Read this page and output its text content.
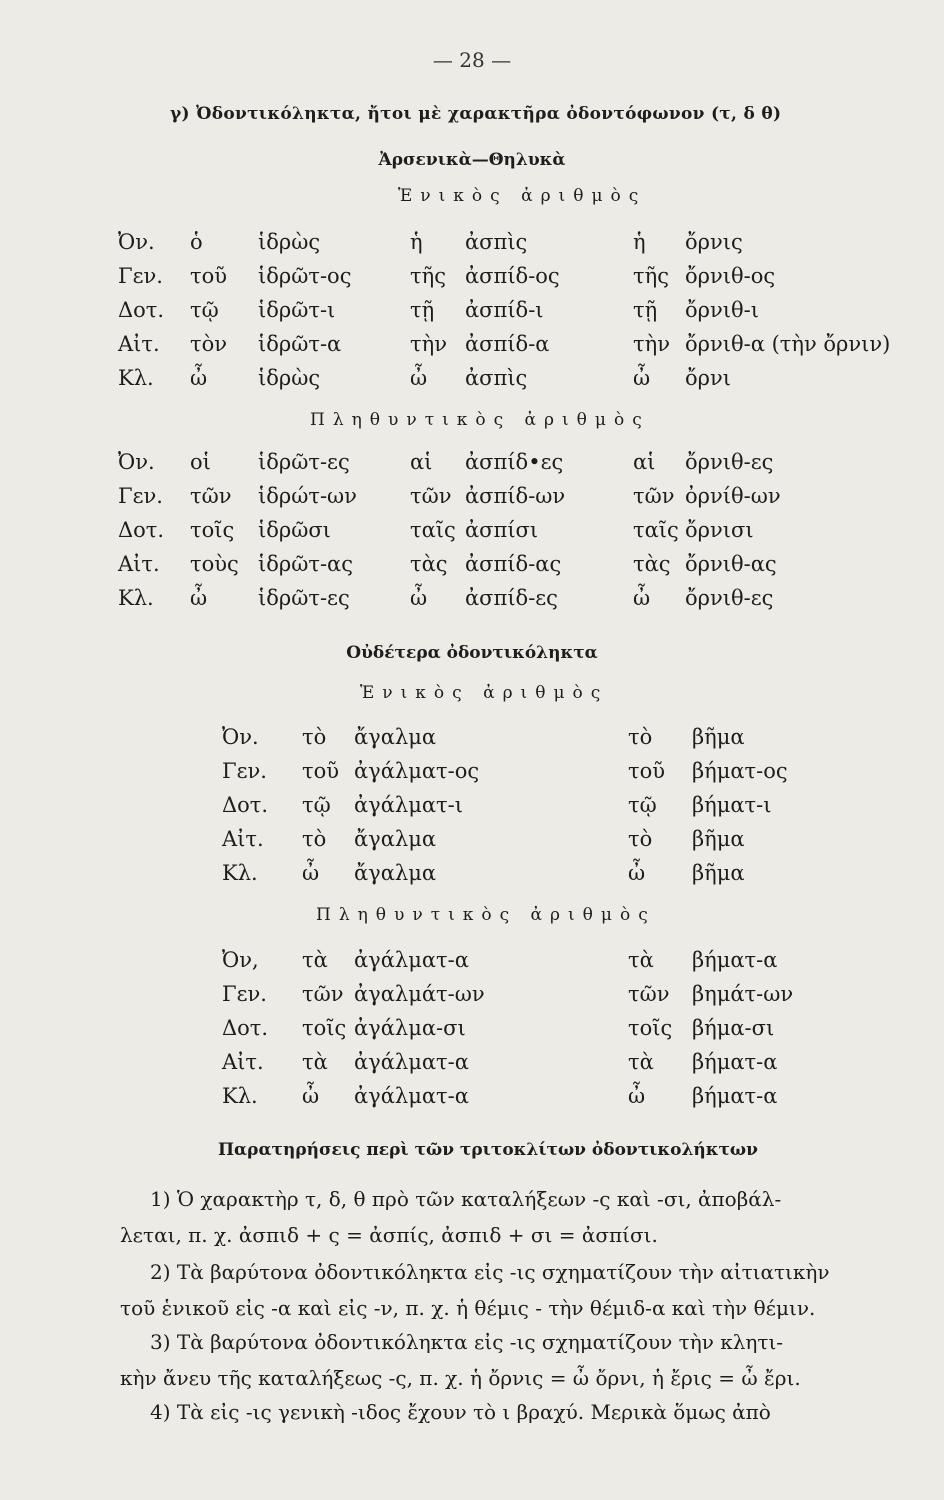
— 28 —
γ) Ὀδοντικόληκτα, ἤτοι μὲ χαρακτῆρα ὀδοντόφωνον (τ, δ θ)
Ἀρσενικὰ—Θηλυκὰ
Ἑνικὸς ἀριθμὸς
Ὀν. ὁ	ἱδρὼς	ἡ ἀσπὶς	ἡ ὄρνις
Γεν. τοῦ ἱδρῶτ-ος	τῆς ἀσπίδ-ος	τῆς ὄρνιθ-ος
Δοτ. τῷ ἱδρῶτ-ι	τῇ ἀσπίδ-ι	τῇ ὄρνιθ-ι
Αἰτ. τὸν ἱδρῶτ-α	τὴν ἀσπίδ-α	τὴν ὄρνιθ-α (τὴν ὄρνιν)
Κλ. ὦ ἱδρὼς	ὦ ἀσπὶς	ὦ ὄρνι
Πληθυντικὸς ἀριθμὸς
Ὀν. οἱ ἱδρῶτ-ες	αἱ ἀσπίδ•ες	αἱ ὄρνιθ-ες
Γεν. τῶν ἱδρώτ-ων	τῶν ἀσπίδ-ων	τῶν ὀρνίθ-ων
Δοτ. τοῖς ἱδρῶσι	ταῖς ἀσπίσι	ταῖς ὄρνισι
Αἰτ. τοὺς ἱδρῶτ-ας	τὰς ἀσπίδ-ας	τὰς ὄρνιθ-ας
Κλ. ὦ ἱδρῶτ-ες	ὦ ἀσπίδ-ες	ὦ ὄρνιθ-ες
Οὐδέτερα ὀδοντικόληκτα
Ἑνικὸς ἀριθμὸς
Ὀν. τὸ ἄγαλμα	τὸ βῆμα
Γεν. τοῦ ἀγάλματ-ος	τοῦ βήματ-ος
Δοτ. τῷ ἀγάλματ-ι	τῷ βήματ-ι
Αἰτ. τὸ ἄγαλμα	τὸ βῆμα
Κλ. ὦ ἄγαλμα	ὦ βῆμα
Πληθυντικὸς ἀριθμὸς
Ὀν, τὰ ἀγάλματ-α	τὰ βήματ-α
Γεν. τῶν ἀγαλμάτ-ων	τῶν βημάτ-ων
Δοτ. τοῖς ἀγάλμα-σι	τοῖς βήμα-σι
Αἰτ. τὰ ἀγάλματ-α	τὰ βήματ-α
Κλ. ὦ ἀγάλματ-α	ὦ βήματ-α
Παρατηρήσεις περὶ τῶν τριτοκλίτων ὀδοντικολήκτων
1) Ὁ χαρακτὴρ τ, δ, θ πρὸ τῶν καταλήξεων -ς καὶ -σι, ἀποβάλ-
λεται, π. χ. ἀσπιδ + ς = ἀσπίς, ἀσπιδ + σι = ἀσπίσι.
2) Τὰ βαρύτονα ὀδοντικόληκτα εἰς -ις σχηματίζουν τὴν αἰτιατικὴν
τοῦ ἑνικοῦ εἰς -α καὶ εἰς -ν, π. χ. ἡ θέμις - τὴν θέμιδ-α καὶ τὴν θέμιν.
3) Τὰ βαρύτονα ὀδοντικόληκτα εἰς -ις σχηματίζουν τὴν κλητι-
κὴν ἄνευ τῆς καταλήξεως -ς, π. χ. ἡ ὄρνις = ὦ ὄρνι, ἡ ἔρις = ὦ ἔρι.
4) Τὰ εἰς -ις γενικὴ -ιδος ἔχουν τὸ ι βραχύ. Μερικὰ ὅμως ἀπὸ
